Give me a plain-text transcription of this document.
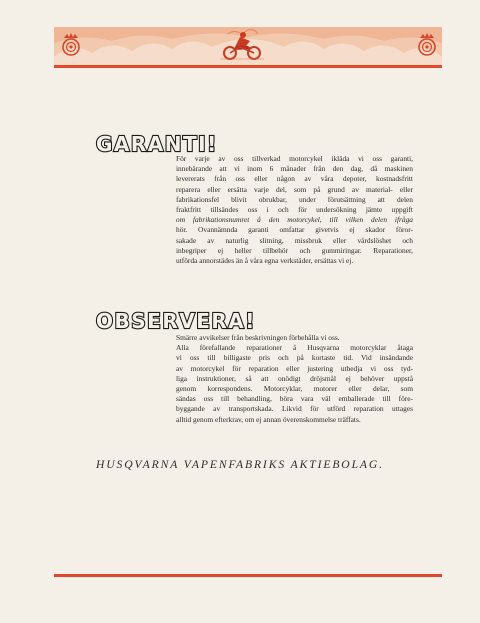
GARANTI!
För varje av oss tillverkad motorcykel ikläda vi oss garanti,
innebärande att vi inom 6 månader från den dag, då maskinen
levererats från oss eller någon av våra depoter, kostnadsfritt
reparera eller ersätta varje del, som på grund av material- eller
fabrikationsfel blivit obrukbar, under förutsättning att delen
fraktfritt tillsändes oss i och för undersökning jämte uppgift
om fabrikationsnumret å den motorcykel, till vilken delen ifråga
hör. Ovannämnda garanti omfattar givetvis ej skador föror-
sakade av naturlig slitning, missbruk eller vårdslöshet och
inbegriper ej heller tillbehör och gummiringar. Reparationer,
utförda annorstädes än å våra egna verkstäder, ersättas vi ej.
OBSERVERA!
Smärre avvikelser från beskrivningen förbehålla vi oss.
Alla förefallande reparationer å Husqvarna motorcyklar åtaga
vi oss till billigaste pris och på kortaste tid. Vid insändande
av motorcykel för reparation eller justering utbedja vi oss tyd-
liga instruktioner, så att onödigt dröjsmål ej behöver uppstå
genom korrespondens. Motorcyklar, motorer eller delar, som
sändas oss till behandling, böra vara väl emballerade till före-
byggande av transportskada. Likvid för utförd reparation uttages
alltid genom efterkrav, om ej annan överenskommelse träffats.
HUSQVARNA VAPENFABRIKS AKTIEBOLAG.
